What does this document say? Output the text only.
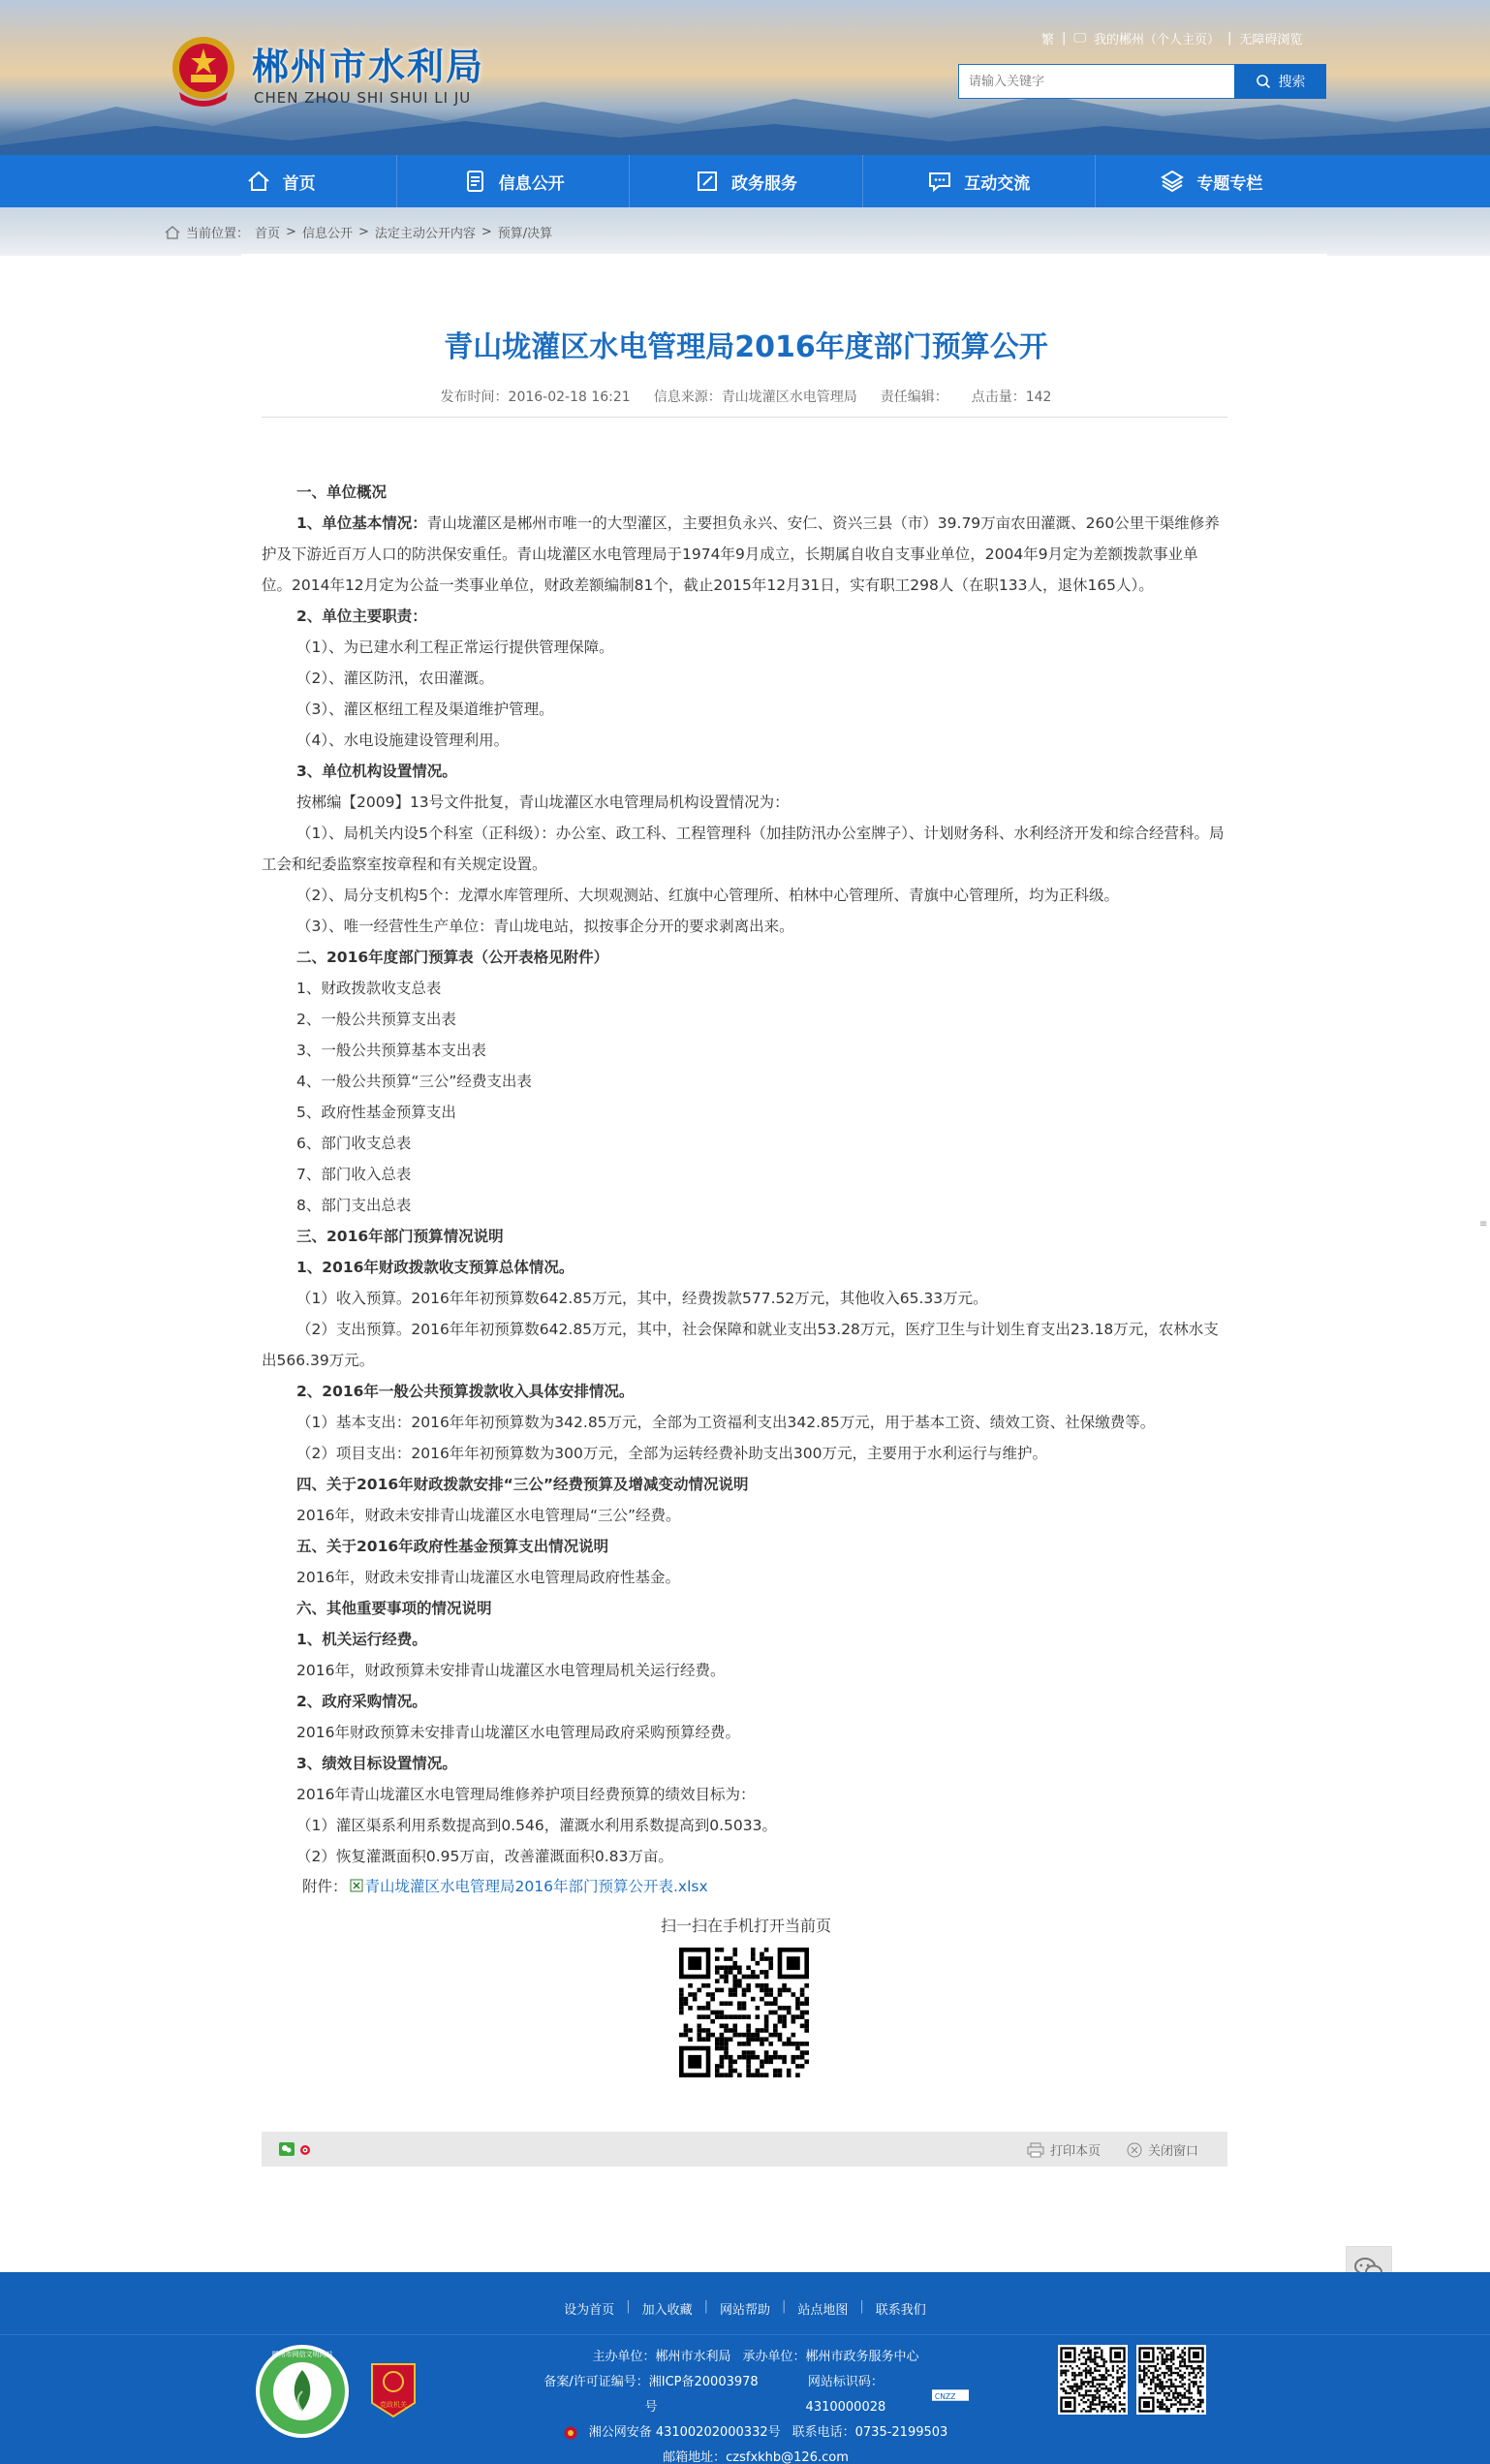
郴州市水利局
CHEN ZHOU SHI SHUI LI JU
繁 | 🖵 我的郴州（个人主页） | 无障碍浏览
请输入关键字
搜索
首页	信息公开	政务服务	互动交流	专题专栏
当前位置： 首页 > 信息公开 > 法定主动公开内容 > 预算/决算
青山垅灌区水电管理局2016年度部门预算公开
发布时间：2016-02-18 16:21 信息来源：青山垅灌区水电管理局 责任编辑： 点击量：142

一、单位概况

1、单位基本情况：青山垅灌区是郴州市唯一的大型灌区，主要担负永兴、安仁、资兴三县（市）39.79万亩农田灌溉、260公里干渠维修养护及下游近百万人口的防洪保安重任。青山垅灌区水电管理局于1974年9月成立，长期属自收自支事业单位，2004年9月定为差额拨款事业单位。2014年12月定为公益一类事业单位，财政差额编制81个，截止2015年12月31日，实有职工298人（在职133人，退休165人）。

2、单位主要职责：

（1）、为已建水利工程正常运行提供管理保障。

（2）、灌区防汛，农田灌溉。

（3）、灌区枢纽工程及渠道维护管理。

（4）、水电设施建设管理利用。

3、单位机构设置情况。

按郴编【2009】13号文件批复，青山垅灌区水电管理局机构设置情况为：

（1）、局机关内设5个科室（正科级）：办公室、政工科、工程管理科（加挂防汛办公室牌子）、计划财务科、水利经济开发和综合经营科。局工会和纪委监察室按章程和有关规定设置。

（2）、局分支机构5个：龙潭水库管理所、大坝观测站、红旗中心管理所、柏林中心管理所、青旗中心管理所，均为正科级。

（3）、唯一经营性生产单位：青山垅电站，拟按事企分开的要求剥离出来。

二、2016年度部门预算表（公开表格见附件）

1、财政拨款收支总表

2、一般公共预算支出表

3、一般公共预算基本支出表

4、一般公共预算“三公”经费支出表

5、政府性基金预算支出

6、部门收支总表

7、部门收入总表

8、部门支出总表

三、2016年部门预算情况说明

1、2016年财政拨款收支预算总体情况。

（1）收入预算。2016年年初预算数642.85万元，其中，经费拨款577.52万元，其他收入65.33万元。

（2）支出预算。2016年年初预算数642.85万元，其中，社会保障和就业支出53.28万元，医疗卫生与计划生育支出23.18万元，农林水支出566.39万元。

2、2016年一般公共预算拨款收入具体安排情况。

（1）基本支出：2016年年初预算数为342.85万元，全部为工资福利支出342.85万元，用于基本工资、绩效工资、社保缴费等。

（2）项目支出：2016年年初预算数为300万元，全部为运转经费补助支出300万元，主要用于水利运行与维护。

四、关于2016年财政拨款安排“三公”经费预算及增减变动情况说明

2016年，财政未安排青山垅灌区水电管理局“三公”经费。

五、关于2016年政府性基金预算支出情况说明

2016年，财政未安排青山垅灌区水电管理局政府性基金。

六、其他重要事项的情况说明

1、机关运行经费。

2016年，财政预算未安排青山垅灌区水电管理局机关运行经费。

2、政府采购情况。

2016年财政预算未安排青山垅灌区水电管理局政府采购预算经费。

3、绩效目标设置情况。

2016年青山垅灌区水电管理局维修养护项目经费预算的绩效目标为：

（1）灌区渠系利用系数提高到0.546，灌溉水利用系数提高到0.5033。

（2）恢复灌溉面积0.95万亩，改善灌溉面积0.83万亩。

附件： 青山垅灌区水电管理局2016年部门预算公开表.xlsx
扫一扫在手机打开当前页
打印本页	关闭窗口
≡
设为首页 | 加入收藏 | 网站帮助 | 站点地图 | 联系我们
郴州市网信文明网站
党政机关
主办单位：郴州市水利局 承办单位：郴州市政务服务中心
备案/许可证编号：湘ICP备20003978号
网站标识码：4310000028
CNZZ
湘公网安备 43100202000332号 联系电话：0735-2199503
邮箱地址：czsfxkhb@126.com
